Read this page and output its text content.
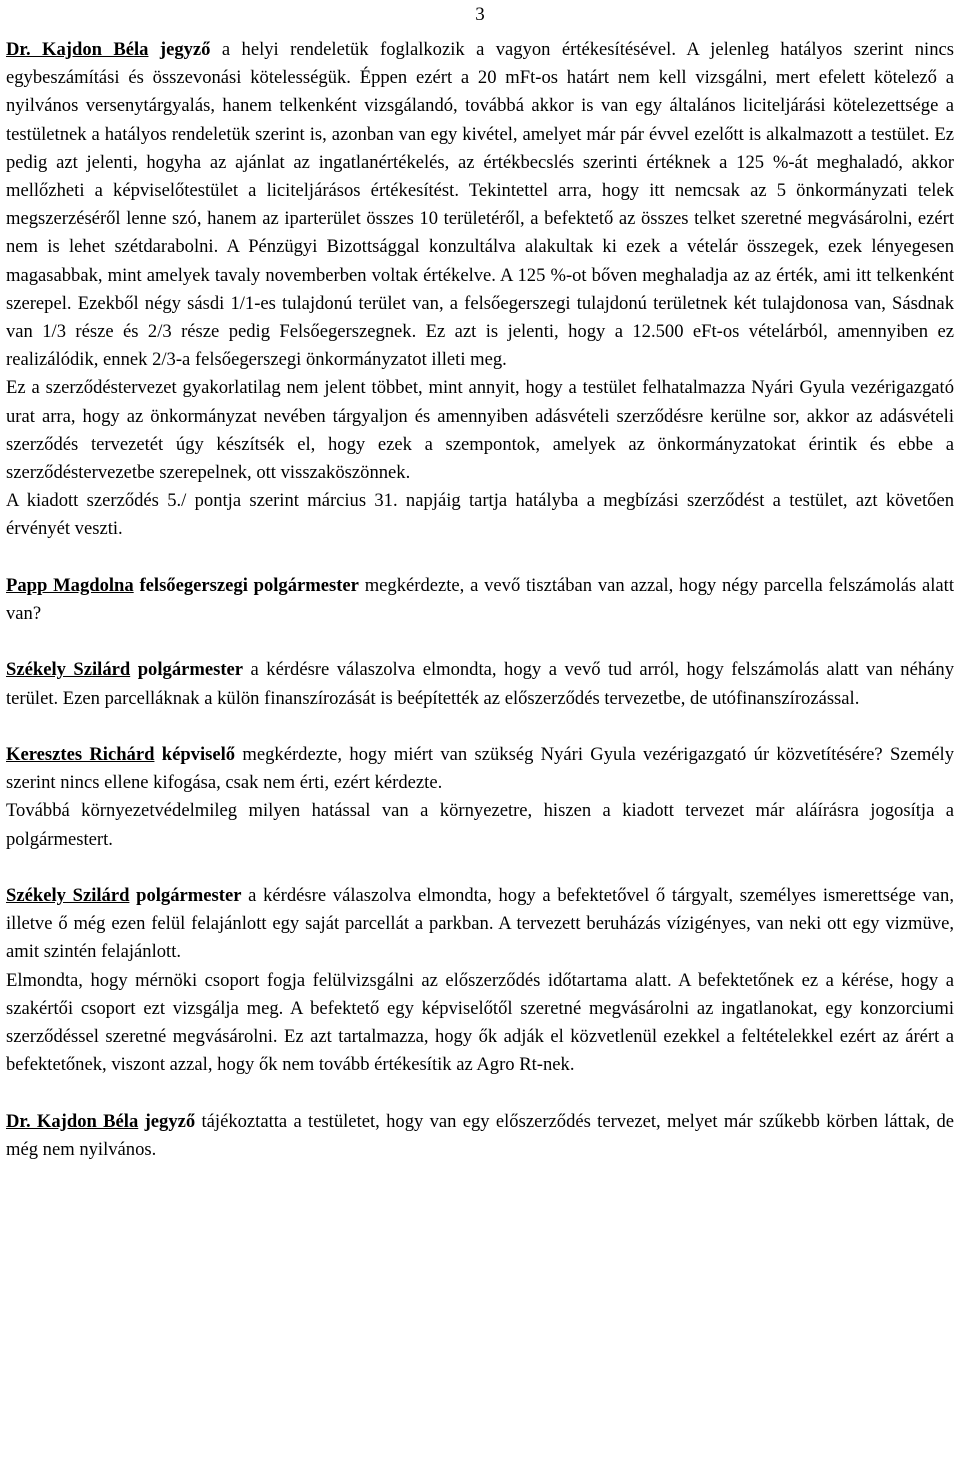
3

Dr. Kajdon Béla jegyző a helyi rendeletük foglalkozik a vagyon értékesítésével. A jelenleg hatályos szerint nincs egybeszámítási és összevonási kötelességük. Éppen ezért a 20 mFt-os határt nem kell vizsgálni, mert efelett kötelező a nyilvános versenytárgyalás, hanem telkenként vizsgálandó, továbbá akkor is van egy általános liciteljárási kötelezettsége a testületnek a hatályos rendeletük szerint is, azonban van egy kivétel, amelyet már pár évvel ezelőtt is alkalmazott a testület. Ez pedig azt jelenti, hogyha az ajánlat az ingatlanértékelés, az értékbecslés szerinti értéknek a 125 %-át meghaladó, akkor mellőzheti a képviselőtestület a liciteljárásos értékesítést. Tekintettel arra, hogy itt nemcsak az 5 önkormányzati telek megszerzéséről lenne szó, hanem az iparterület összes 10 területéről, a befektető az összes telket szeretné megvásárolni, ezért nem is lehet szétdarabolni. A Pénzügyi Bizottsággal konzultálva alakultak ki ezek a vételár összegek, ezek lényegesen magasabbak, mint amelyek tavaly novemberben voltak értékelve. A 125 %-ot bőven meghaladja az az érték, ami itt telkenként szerepel. Ezekből négy sásdi 1/1-es tulajdonú terület van, a felsőegerszegi tulajdonú területnek két tulajdonosa van, Sásdnak van 1/3 része és 2/3 része pedig Felsőegerszegnek. Ez azt is jelenti, hogy a 12.500 eFt-os vételárból, amennyiben ez realizálódik, ennek 2/3-a felsőegerszegi önkormányzatot illeti meg.

Ez a szerződéstervezet gyakorlatilag nem jelent többet, mint annyit, hogy a testület felhatalmazza Nyári Gyula vezérigazgató urat arra, hogy az önkormányzat nevében tárgyaljon és amennyiben adásvételi szerződésre kerülne sor, akkor az adásvételi szerződés tervezetét úgy készítsék el, hogy ezek a szempontok, amelyek az önkormányzatokat érintik és ebbe a szerződéstervezetbe szerepelnek, ott visszaköszönnek.

A kiadott szerződés 5./ pontja szerint március 31. napjáig tartja hatályba a megbízási szerződést a testület, azt követően érvényét veszti.

Papp Magdolna felsőegerszegi polgármester megkérdezte, a vevő tisztában van azzal, hogy négy parcella felszámolás alatt van?

Székely Szilárd polgármester a kérdésre válaszolva elmondta, hogy a vevő tud arról, hogy felszámolás alatt van néhány terület. Ezen parcelláknak a külön finanszírozását is beépítették az előszerződés tervezetbe, de utófinanszírozással.

Keresztes Richárd képviselő megkérdezte, hogy miért van szükség Nyári Gyula vezérigazgató úr közvetítésére? Személy szerint nincs ellene kifogása, csak nem érti, ezért kérdezte.

Továbbá környezetvédelmileg milyen hatással van a környezetre, hiszen a kiadott tervezet már aláírásra jogosítja a polgármestert.

Székely Szilárd polgármester a kérdésre válaszolva elmondta, hogy a befektetővel ő tárgyalt, személyes ismerettsége van, illetve ő még ezen felül felajánlott egy saját parcellát a parkban. A tervezett beruházás vízigényes, van neki ott egy vizmüve, amit szintén felajánlott.

Elmondta, hogy mérnöki csoport fogja felülvizsgálni az előszerződés időtartama alatt. A befektetőnek ez a kérése, hogy a szakértői csoport ezt vizsgálja meg. A befektető egy képviselőtől szeretné megvásárolni az ingatlanokat, egy konzorciumi szerződéssel szeretné megvásárolni. Ez azt tartalmazza, hogy ők adják el közvetlenül ezekkel a feltételekkel ezért az árért a befektetőnek, viszont azzal, hogy ők nem tovább értékesítik az Agro Rt-nek.

Dr. Kajdon Béla jegyző tájékoztatta a testületet, hogy van egy előszerződés tervezet, melyet már szűkebb körben láttak, de még nem nyilvános.
